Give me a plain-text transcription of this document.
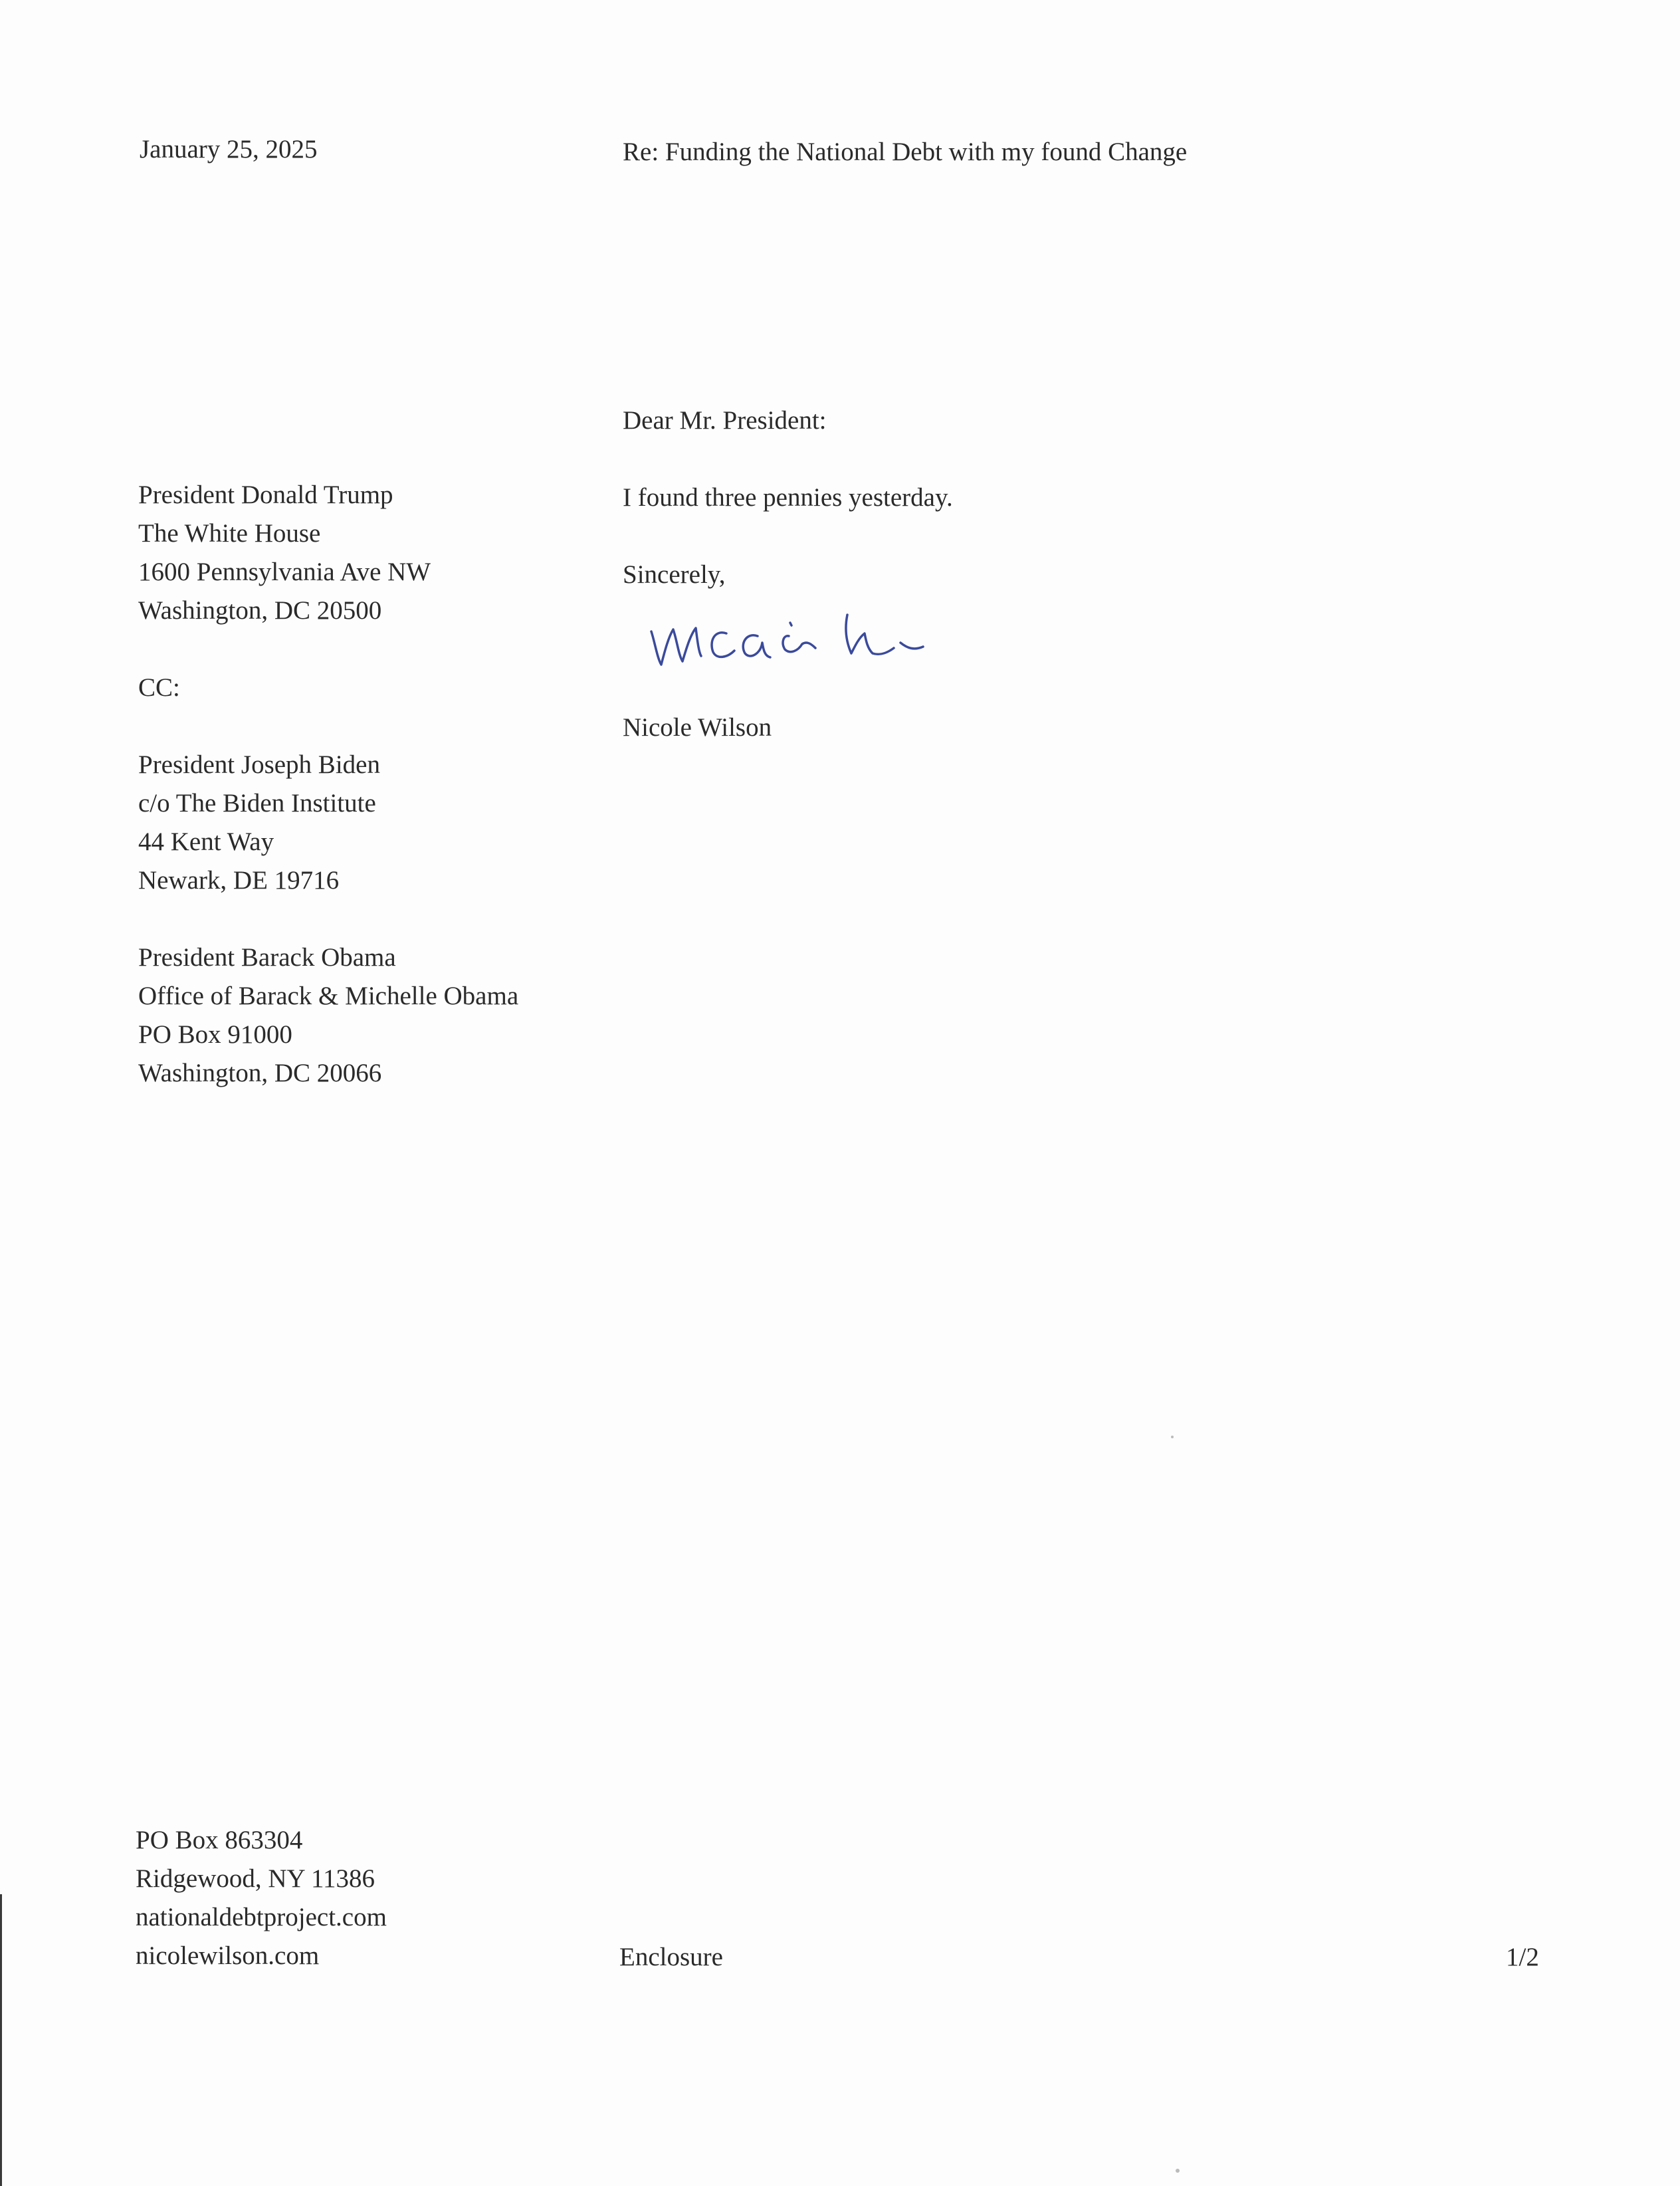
January 25, 2025	Re: Funding the National Debt with my found Change
President Donald Trump
The White House
1600 Pennsylvania Ave NW
Washington, DC 20500
CC:
President Joseph Biden
c/o The Biden Institute
44 Kent Way
Newark, DE 19716
President Barack Obama
Office of Barack & Michelle Obama
PO Box 91000
Washington, DC 20066
Dear Mr. President:
I found three pennies yesterday.
Sincerely,
Nicole Wilson
PO Box 863304
Ridgewood, NY 11386
nationaldebtproject.com
nicolewilson.com	Enclosure	1/2
